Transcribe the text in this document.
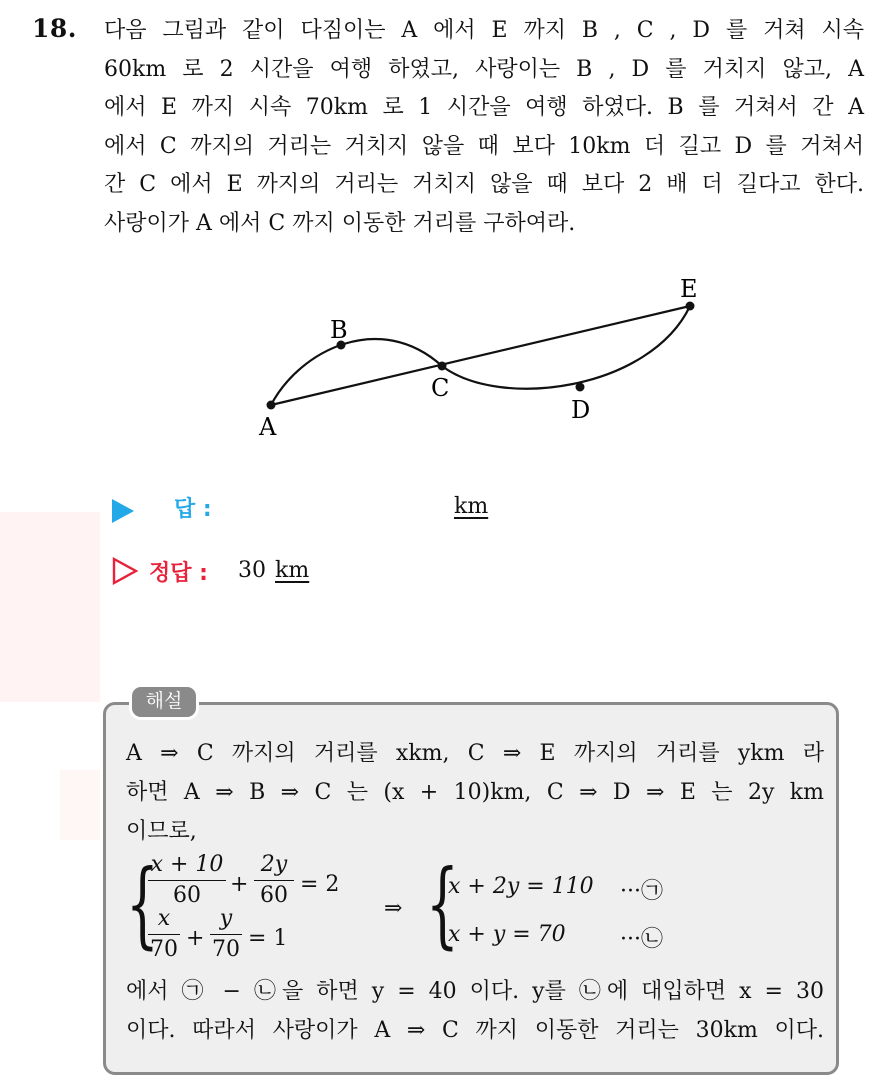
18. 다음 그림과 같이 다짐이는 A 에서 E 까지 B , C , D 를 거쳐 시속
60km 로 2 시간을 여행 하였고, 사랑이는 B , D 를 거치지 않고, A
에서 E 까지 시속 70km 로 1 시간을 여행 하였다. B 를 거쳐서 간 A
에서 C 까지의 거리는 거치지 않을 때 보다 10km 더 길고 D 를 거쳐서
간 C 에서 E 까지의 거리는 거치지 않을 때 보다 2 배 더 길다고 한다.
사랑이가 A 에서 C 까지 이동한 거리를 구하여라.
A
B
C
D
E
답 :	km
정답 : 30 km
해설
A ⇒ C 까지의 거리를 xkm, C ⇒ E 까지의 거리를 ykm 라
하면 A ⇒ B ⇒ C 는 (x + 10)km, C ⇒ D ⇒ E 는 2y km
이므로,
{
x + 10
60	+
2y
60 = 2
x
70 +
y
70 = 1
⇒ {
x + 2y = 110 ···㉠
x + y = 70 ···㉡
에서 ㉠ − ㉡을 하면 y = 40 이다. y를 ㉡에 대입하면 x = 30
이다. 따라서 사랑이가 A ⇒ C 까지 이동한 거리는 30km 이다.
